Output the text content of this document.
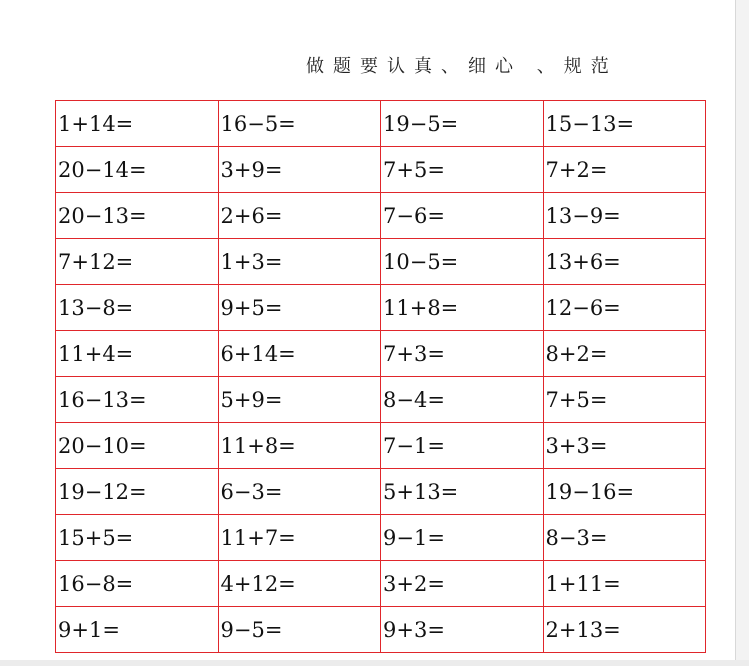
做题要认真、细心 、规范
1+14=	16−5=	19−5=	15−13=
20−14=	3+9=	7+5=	7+2=
20−13=	2+6=	7−6=	13−9=
7+12=	1+3=	10−5=	13+6=
13−8=	9+5=	11+8=	12−6=
11+4=	6+14=	7+3=	8+2=
16−13=	5+9=	8−4=	7+5=
20−10=	11+8=	7−1=	3+3=
19−12=	6−3=	5+13=	19−16=
15+5=	11+7=	9−1=	8−3=
16−8=	4+12=	3+2=	1+11=
9+1=	9−5=	9+3=	2+13=
